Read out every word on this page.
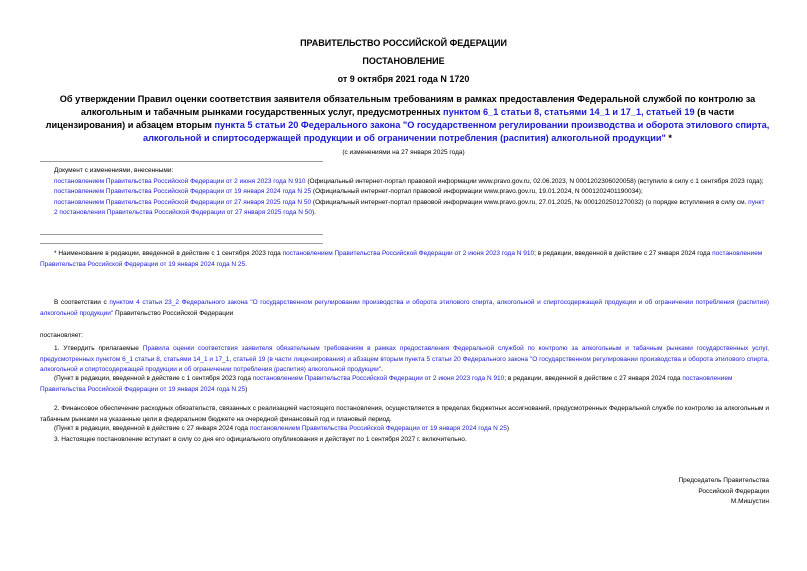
ПРАВИТЕЛЬСТВО РОССИЙСКОЙ ФЕДЕРАЦИИ
ПОСТАНОВЛЕНИЕ
от 9 октября 2021 года N 1720
Об утверждении Правил оценки соответствия заявителя обязательным требованиям в рамках предоставления Федеральной службой по контролю за алкогольным и табачным рынками государственных услуг, предусмотренных пунктом 6_1 статьи 8, статьями 14_1 и 17_1, статьей 19 (в части лицензирования) и абзацем вторым пункта 5 статьи 20 Федерального закона "О государственном регулировании производства и оборота этилового спирта, алкогольной и спиртосодержащей продукции и об ограничении потребления (распития) алкогольной продукции" *
(с изменениями на 27 января 2025 года)

Документ с изменениями, внесенными:

постановлением Правительства Российской Федерации от 2 июня 2023 года N 910 (Официальный интернет-портал правовой информации www.pravo.gov.ru, 02.06.2023, N 0001202306020058) (вступило в силу с 1 сентября 2023 года);

постановлением Правительства Российской Федерации от 19 января 2024 года N 25 (Официальный интернет-портал правовой информации www.pravo.gov.ru, 19.01.2024, N 0001202401190034);

постановлением Правительства Российской Федерации от 27 января 2025 года N 50 (Официальный интернет-портал правовой информации www.pravo.gov.ru, 27.01.2025, № 0001202501270032) (о порядке вступления в силу см. пункт 2 постановления Правительства Российской Федерации от 27 января 2025 года N 50).

* Наименование в редакции, введенной в действие с 1 сентября 2023 года постановлением Правительства Российской Федерации от 2 июня 2023 года N 910; в редакции, введенной в действие с 27 января 2024 года постановлением Правительства Российской Федерации от 19 января 2024 года N 25.
В соответствии с пунктом 4 статьи 23_2 Федерального закона "О государственном регулировании производства и оборота этилового спирта, алкогольной и спиртосодержащей продукции и об ограничении потребления (распития) алкогольной продукции" Правительство Российской Федерации
постановляет:
1. Утвердить прилагаемые Правила оценки соответствия заявителя обязательным требованиям в рамках предоставления Федеральной службой по контролю за алкогольным и табачным рынками государственных услуг, предусмотренных пунктом 6_1 статьи 8, статьями 14_1 и 17_1, статьей 19 (в части лицензирования) и абзацем вторым пункта 5 статьи 20 Федерального закона "О государственном регулировании производства и оборота этилового спирта, алкогольной и спиртосодержащей продукции и об ограничении потребления (распития) алкогольной продукции".
(Пункт в редакции, введенной в действие с 1 сентября 2023 года постановлением Правительства Российской Федерации от 2 июня 2023 года N 910; в редакции, введенной в действие с 27 января 2024 года постановлением Правительства Российской Федерации от 19 января 2024 года N 25)
2. Финансовое обеспечение расходных обязательств, связанных с реализацией настоящего постановления, осуществляется в пределах бюджетных ассигнований, предусмотренных Федеральной службе по контролю за алкогольным и табачным рынками на указанные цели в федеральном бюджете на очередной финансовый год и плановый период.
(Пункт в редакции, введенной в действие с 27 января 2024 года постановлением Правительства Российской Федерации от 19 января 2024 года N 25)
3. Настоящее постановление вступает в силу со дня его официального опубликования и действует по 1 сентября 2027 г. включительно.

Председатель Правительства

Российской Федерации

М.Мишустин
